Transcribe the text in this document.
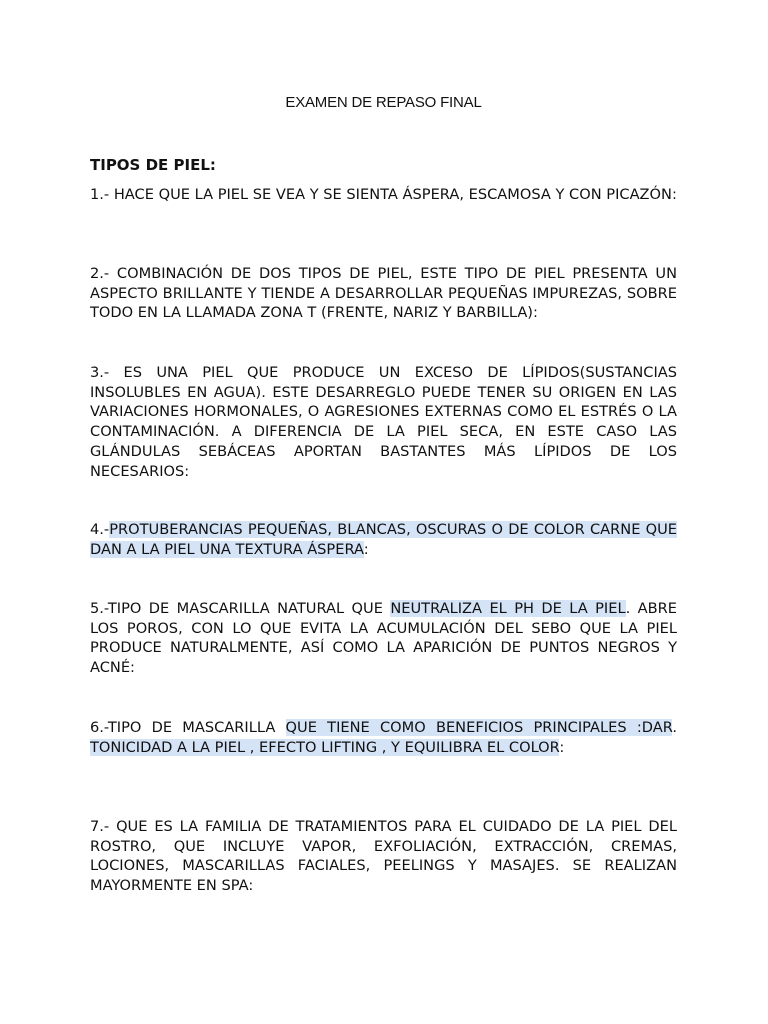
EXAMEN DE REPASO FINAL
TIPOS DE PIEL:

1.- HACE QUE LA PIEL SE VEA Y SE SIENTA ÁSPERA, ESCAMOSA Y CON PICAZÓN:

2.- COMBINACIÓN DE DOS TIPOS DE PIEL, ESTE TIPO DE PIEL PRESENTA UN ASPECTO BRILLANTE Y TIENDE A DESARROLLAR PEQUEÑAS IMPUREZAS, SOBRE TODO EN LA LLAMADA ZONA T (FRENTE, NARIZ Y BARBILLA):

3.- ES UNA PIEL QUE PRODUCE UN EXCESO DE LÍPIDOS(SUSTANCIAS INSOLUBLES EN AGUA). ESTE DESARREGLO PUEDE TENER SU ORIGEN EN LAS VARIACIONES HORMONALES, O AGRESIONES EXTERNAS COMO EL ESTRÉS O LA CONTAMINACIÓN. A DIFERENCIA DE LA PIEL SECA, EN ESTE CASO LAS GLÁNDULAS SEBÁCEAS APORTAN BASTANTES MÁS LÍPIDOS DE LOS NECESARIOS:

4.-PROTUBERANCIAS PEQUEÑAS, BLANCAS, OSCURAS O DE COLOR CARNE QUE DAN A LA PIEL UNA TEXTURA ÁSPERA:

5.-TIPO DE MASCARILLA NATURAL QUE NEUTRALIZA EL PH DE LA PIEL. ABRE LOS POROS, CON LO QUE EVITA LA ACUMULACIÓN DEL SEBO QUE LA PIEL PRODUCE NATURALMENTE, ASÍ COMO LA APARICIÓN DE PUNTOS NEGROS Y ACNÉ:

6.-TIPO DE MASCARILLA QUE TIENE COMO BENEFICIOS PRINCIPALES :DAR. TONICIDAD A LA PIEL , EFECTO LIFTING , Y EQUILIBRA EL COLOR:

7.- QUE ES LA FAMILIA DE TRATAMIENTOS PARA EL CUIDADO DE LA PIEL DEL ROSTRO, QUE INCLUYE VAPOR, EXFOLIACIÓN, EXTRACCIÓN, CREMAS, LOCIONES, MASCARILLAS FACIALES, PEELINGS Y MASAJES. SE REALIZAN MAYORMENTE EN SPA:
